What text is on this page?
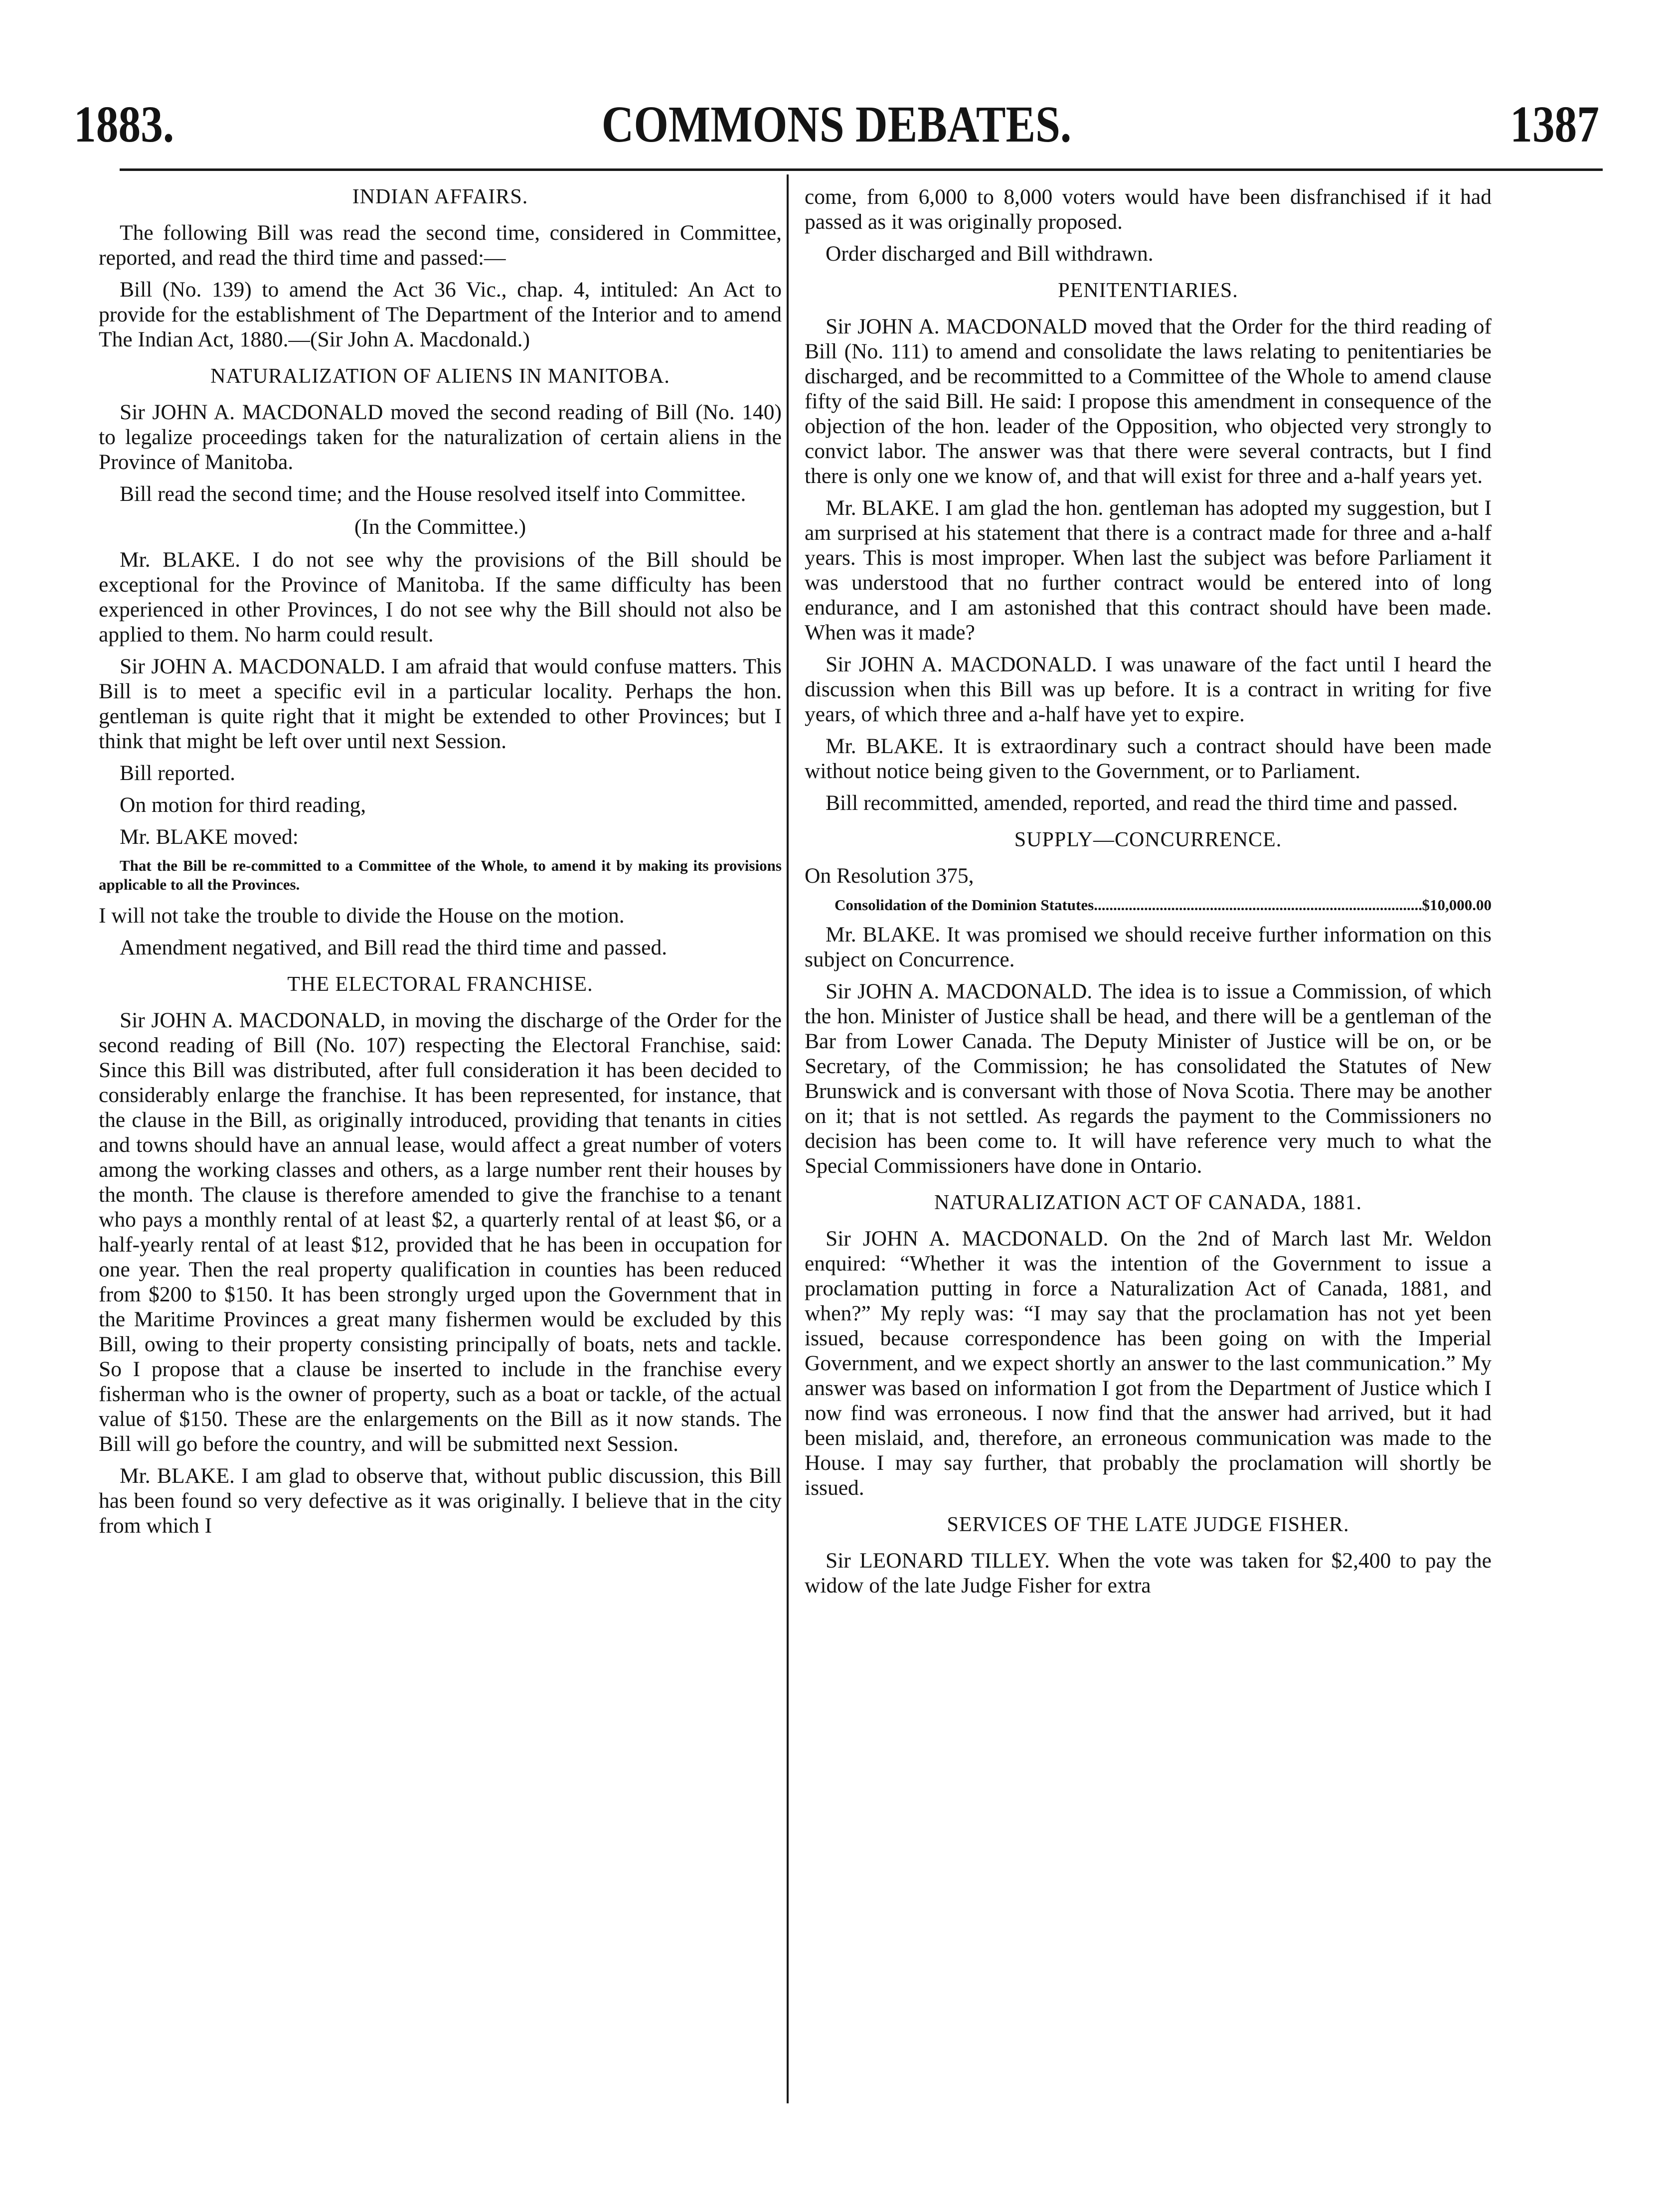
1883.	COMMONS DEBATES.	1387
INDIAN AFFAIRS.

The following Bill was read the second time, considered in Committee, reported, and read the third time and passed:—

Bill (No. 139) to amend the Act 36 Vic., chap. 4, intituled: An Act to provide for the establishment of The Department of the Interior and to amend The Indian Act, 1880.—(Sir John A. Macdonald.)

NATURALIZATION OF ALIENS IN MANITOBA.

Sir JOHN A. MACDONALD moved the second reading of Bill (No. 140) to legalize proceedings taken for the naturalization of certain aliens in the Province of Manitoba.

Bill read the second time; and the House resolved itself into Committee.

(In the Committee.)

Mr. BLAKE. I do not see why the provisions of the Bill should be exceptional for the Province of Manitoba. If the same difficulty has been experienced in other Provinces, I do not see why the Bill should not also be applied to them. No harm could result.

Sir JOHN A. MACDONALD. I am afraid that would confuse matters. This Bill is to meet a specific evil in a particular locality. Perhaps the hon. gentleman is quite right that it might be extended to other Provinces; but I think that might be left over until next Session.

Bill reported.

On motion for third reading,

Mr. BLAKE moved:

That the Bill be re-committed to a Committee of the Whole, to amend it by making its provisions applicable to all the Provinces.

I will not take the trouble to divide the House on the motion.

Amendment negatived, and Bill read the third time and passed.

THE ELECTORAL FRANCHISE.

Sir JOHN A. MACDONALD, in moving the discharge of the Order for the second reading of Bill (No. 107) respecting the Electoral Franchise, said: Since this Bill was distributed, after full consideration it has been decided to considerably enlarge the franchise. It has been represented, for instance, that the clause in the Bill, as originally introduced, providing that tenants in cities and towns should have an annual lease, would affect a great number of voters among the working classes and others, as a large number rent their houses by the month. The clause is therefore amended to give the franchise to a tenant who pays a monthly rental of at least $2, a quarterly rental of at least $6, or a half-yearly rental of at least $12, provided that he has been in occupation for one year. Then the real property qualification in counties has been reduced from $200 to $150. It has been strongly urged upon the Government that in the Maritime Provinces a great many fishermen would be excluded by this Bill, owing to their property consisting principally of boats, nets and tackle. So I propose that a clause be inserted to include in the franchise every fisherman who is the owner of property, such as a boat or tackle, of the actual value of $150. These are the enlargements on the Bill as it now stands. The Bill will go before the country, and will be submitted next Session.

Mr. BLAKE. I am glad to observe that, without public discussion, this Bill has been found so very defective as it was originally. I believe that in the city from which I

come, from 6,000 to 8,000 voters would have been disfranchised if it had passed as it was originally proposed.

Order discharged and Bill withdrawn.

PENITENTIARIES.

Sir JOHN A. MACDONALD moved that the Order for the third reading of Bill (No. 111) to amend and consolidate the laws relating to penitentiaries be discharged, and be recommitted to a Committee of the Whole to amend clause fifty of the said Bill. He said: I propose this amendment in consequence of the objection of the hon. leader of the Opposition, who objected very strongly to convict labor. The answer was that there were several contracts, but I find there is only one we know of, and that will exist for three and a-half years yet.

Mr. BLAKE. I am glad the hon. gentleman has adopted my suggestion, but I am surprised at his statement that there is a contract made for three and a-half years. This is most improper. When last the subject was before Parliament it was understood that no further contract would be entered into of long endurance, and I am astonished that this contract should have been made. When was it made?

Sir JOHN A. MACDONALD. I was unaware of the fact until I heard the discussion when this Bill was up before. It is a contract in writing for five years, of which three and a-half have yet to expire.

Mr. BLAKE. It is extraordinary such a contract should have been made without notice being given to the Government, or to Parliament.

Bill recommitted, amended, reported, and read the third time and passed.

SUPPLY—CONCURRENCE.

On Resolution 375,

Consolidation of the Dominion Statutes
.....	$10,000.00

Mr. BLAKE. It was promised we should receive further information on this subject on Concurrence.

Sir JOHN A. MACDONALD. The idea is to issue a Commission, of which the hon. Minister of Justice shall be head, and there will be a gentleman of the Bar from Lower Canada. The Deputy Minister of Justice will be on, or be Secretary, of the Commission; he has consolidated the Statutes of New Brunswick and is conversant with those of Nova Scotia. There may be another on it; that is not settled. As regards the payment to the Commissioners no decision has been come to. It will have reference very much to what the Special Commissioners have done in Ontario.

NATURALIZATION ACT OF CANADA, 1881.

Sir JOHN A. MACDONALD. On the 2nd of March last Mr. Weldon enquired: “Whether it was the intention of the Government to issue a proclamation putting in force a Naturalization Act of Canada, 1881, and when?” My reply was: “I may say that the proclamation has not yet been issued, because correspondence has been going on with the Imperial Government, and we expect shortly an answer to the last communication.” My answer was based on information I got from the Department of Justice which I now find was erroneous. I now find that the answer had arrived, but it had been mislaid, and, therefore, an erroneous communication was made to the House. I may say further, that probably the proclamation will shortly be issued.

SERVICES OF THE LATE JUDGE FISHER.

Sir LEONARD TILLEY. When the vote was taken for $2,400 to pay the widow of the late Judge Fisher for extra
